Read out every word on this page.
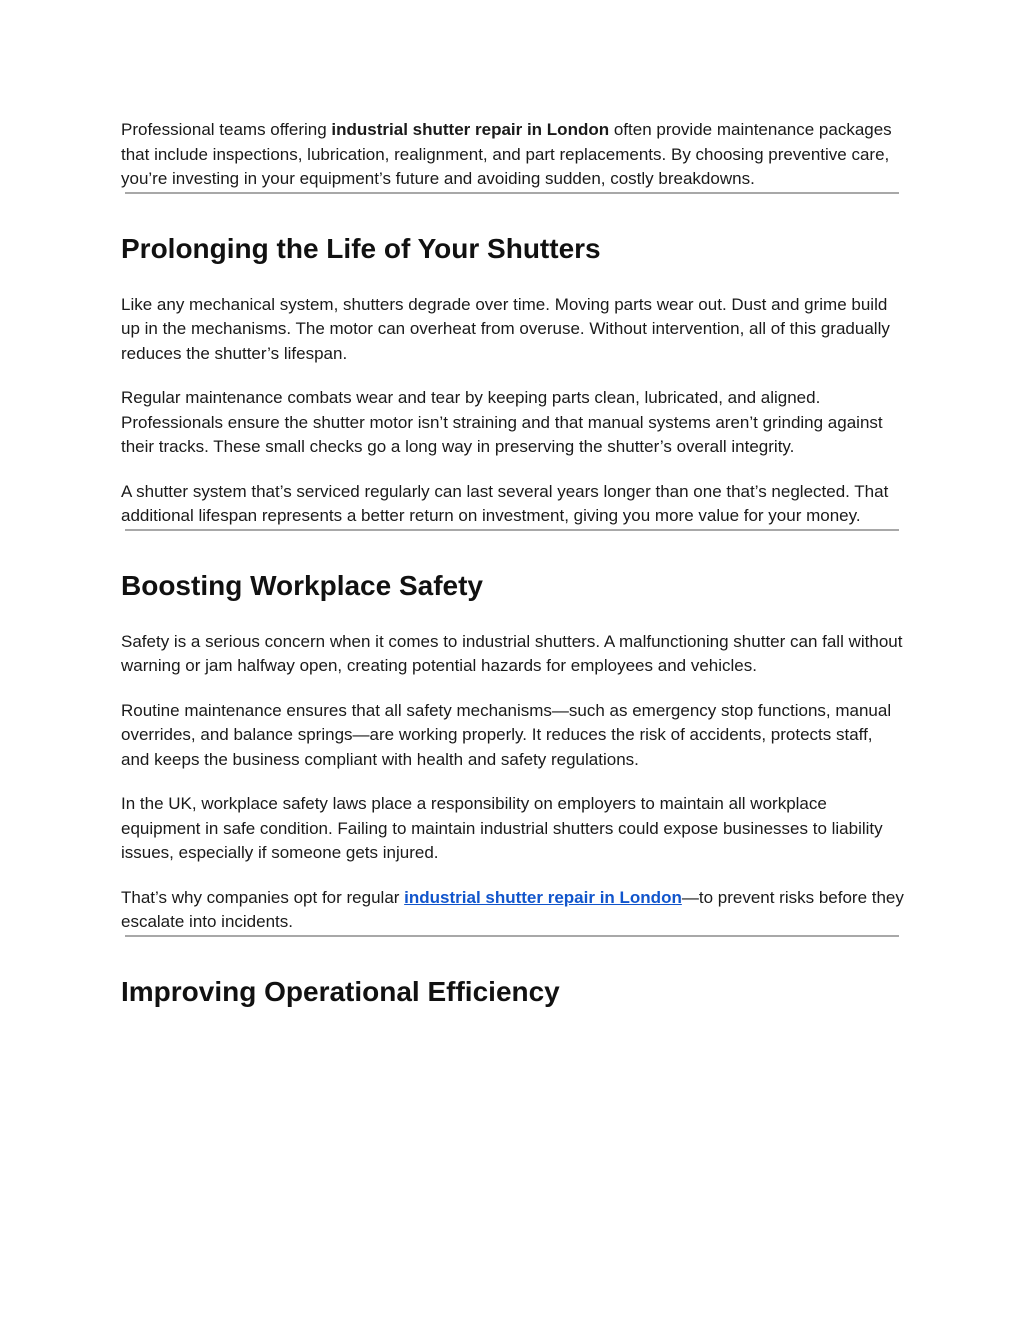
Professional teams offering industrial shutter repair in London often provide maintenance packages that include inspections, lubrication, realignment, and part replacements. By choosing preventive care, you’re investing in your equipment’s future and avoiding sudden, costly breakdowns.

Prolonging the Life of Your Shutters

Like any mechanical system, shutters degrade over time. Moving parts wear out. Dust and grime build up in the mechanisms. The motor can overheat from overuse. Without intervention, all of this gradually reduces the shutter’s lifespan.

Regular maintenance combats wear and tear by keeping parts clean, lubricated, and aligned. Professionals ensure the shutter motor isn’t straining and that manual systems aren’t grinding against their tracks. These small checks go a long way in preserving the shutter’s overall integrity.

A shutter system that’s serviced regularly can last several years longer than one that’s neglected. That additional lifespan represents a better return on investment, giving you more value for your money.

Boosting Workplace Safety

Safety is a serious concern when it comes to industrial shutters. A malfunctioning shutter can fall without warning or jam halfway open, creating potential hazards for employees and vehicles.

Routine maintenance ensures that all safety mechanisms—such as emergency stop functions, manual overrides, and balance springs—are working properly. It reduces the risk of accidents, protects staff, and keeps the business compliant with health and safety regulations.

In the UK, workplace safety laws place a responsibility on employers to maintain all workplace equipment in safe condition. Failing to maintain industrial shutters could expose businesses to liability issues, especially if someone gets injured.

That’s why companies opt for regular industrial shutter repair in London—to prevent risks before they escalate into incidents.

Improving Operational Efficiency
